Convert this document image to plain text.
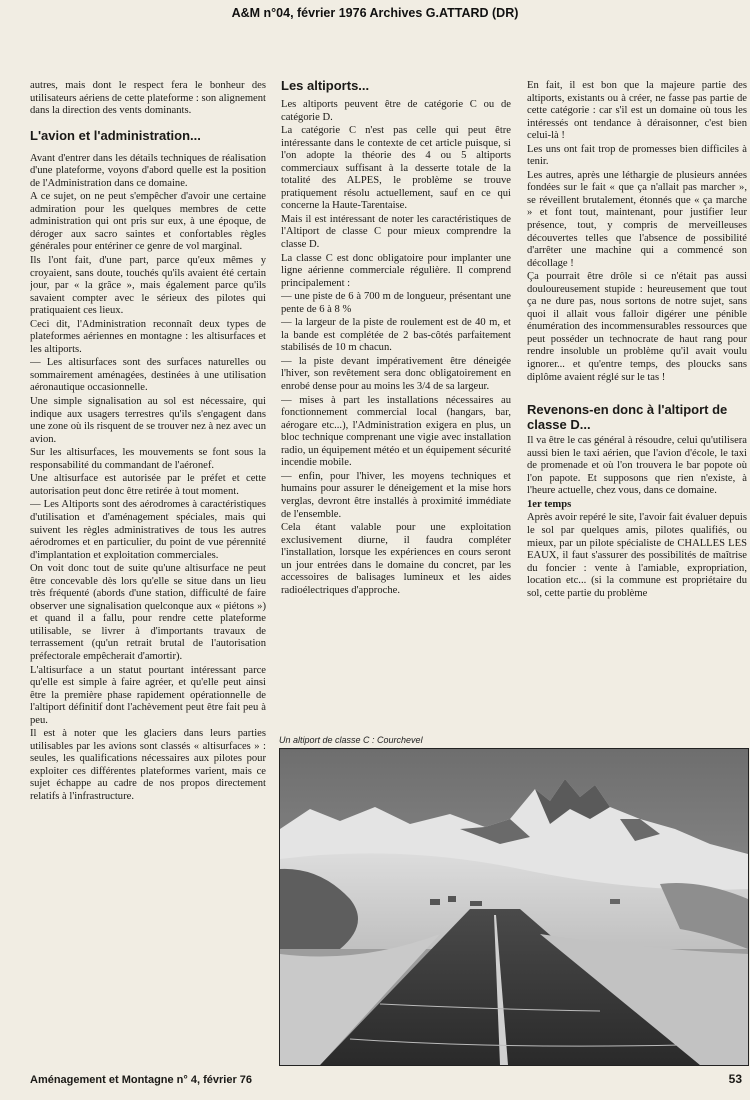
A&M n°04, février 1976 Archives G.ATTARD (DR)

autres, mais dont le respect fera le bonheur des utilisateurs aériens de cette plateforme : son alignement dans la direction des vents dominants.

L'avion et l'administration...

Avant d'entrer dans les détails techniques de réalisation d'une plateforme, voyons d'abord quelle est la position de l'Administration dans ce domaine.

A ce sujet, on ne peut s'empêcher d'avoir une certaine admiration pour les quelques membres de cette administration qui ont pris sur eux, à une époque, de déroger aux sacro saintes et confortables règles générales pour entériner ce genre de vol marginal.

Ils l'ont fait, d'une part, parce qu'eux mêmes y croyaient, sans doute, touchés qu'ils avaient été certain jour, par « la grâce », mais également parce qu'ils savaient compter avec le sérieux des pilotes qui pratiquaient ces lieux.

Ceci dit, l'Administration reconnaît deux types de plateformes aériennes en montagne : les altisurfaces et les altiports.

— Les altisurfaces sont des surfaces naturelles ou sommairement aménagées, destinées à une utilisation aéronautique occasionnelle.

Une simple signalisation au sol est nécessaire, qui indique aux usagers terrestres qu'ils s'engagent dans une zone où ils risquent de se trouver nez à nez avec un avion.

Sur les altisurfaces, les mouvements se font sous la responsabilité du commandant de l'aéronef.

Une altisurface est autorisée par le préfet et cette autorisation peut donc être retirée à tout moment.

— Les Altiports sont des aérodromes à caractéristiques d'utilisation et d'aménagement spéciales, mais qui suivent les règles administratives de tous les autres aérodromes et en particulier, du point de vue pérennité d'implantation et exploitation commerciales.

On voit donc tout de suite qu'une altisurface ne peut être concevable dès lors qu'elle se situe dans un lieu très fréquenté (abords d'une station, difficulté de faire observer une signalisation quelconque aux « piétons ») et quand il a fallu, pour rendre cette plateforme utilisable, se livrer à d'importants travaux de terrassement (qu'un retrait brutal de l'autorisation préfectorale empêcherait d'amortir).

L'altisurface a un statut pourtant intéressant parce qu'elle est simple à faire agréer, et qu'elle peut ainsi être la première phase rapidement opérationnelle de l'altiport définitif dont l'achèvement peut être fait peu à peu.

Il est à noter que les glaciers dans leurs parties utilisables par les avions sont classés « altisurfaces » : seules, les qualifications nécessaires aux pilotes pour exploiter ces différentes plateformes varient, mais ce sujet échappe au cadre de nos propos directement relatifs à l'infrastructure.

Les altiports...

Les altiports peuvent être de catégorie C ou de catégorie D.

La catégorie C n'est pas celle qui peut être intéressante dans le contexte de cet article puisque, si l'on adopte la théorie des 4 ou 5 altiports commerciaux suffisant à la desserte totale de la totalité des ALPES, le problème se trouve pratiquement résolu actuellement, sauf en ce qui concerne la Haute-Tarentaise.

Mais il est intéressant de noter les caractéristiques de l'Altiport de classe C pour mieux comprendre la classe D.

La classe C est donc obligatoire pour implanter une ligne aérienne commerciale régulière. Il comprend principalement :

— une piste de 6 à 700 m de longueur, présentant une pente de 6 à 8 %

— la largeur de la piste de roulement est de 40 m, et la bande est complétée de 2 bas-côtés parfaitement stabilisés de 10 m chacun.

— la piste devant impérativement être déneigée l'hiver, son revêtement sera donc obligatoirement en enrobé dense pour au moins les 3/4 de sa largeur.

— mises à part les installations nécessaires au fonctionnement commercial local (hangars, bar, aérogare etc...), l'Administration exigera en plus, un bloc technique comprenant une vigie avec installation radio, un équipement météo et un équipement sécurité incendie mobile.

— enfin, pour l'hiver, les moyens techniques et humains pour assurer le déneigement et la mise hors verglas, devront être installés à proximité immédiate de l'ensemble.

Cela étant valable pour une exploitation exclusivement diurne, il faudra compléter l'installation, lorsque les expériences en cours seront un jour entrées dans le domaine du concret, par les accessoires de balisages lumineux et les aides radioélectriques d'approche.

En fait, il est bon que la majeure partie des altiports, existants ou à créer, ne fasse pas partie de cette catégorie : car s'il est un domaine où tous les intéressés ont tendance à déraisonner, c'est bien celui-là !

Les uns ont fait trop de promesses bien difficiles à tenir.

Les autres, après une léthargie de plusieurs années fondées sur le fait « que ça n'allait pas marcher », se réveillent brutalement, étonnés que « ça marche » et font tout, maintenant, pour justifier leur présence, tout, y compris de merveilleuses découvertes telles que l'absence de possibilité d'arrêter une machine qui a commencé son décollage !

Ça pourrait être drôle si ce n'était pas aussi douloureusement stupide : heureusement que tout ça ne dure pas, nous sortons de notre sujet, sans quoi il allait vous falloir digérer une pénible énumération des incommensurables ressources que peut posséder un technocrate de haut rang pour rendre insoluble un problème qu'il avait voulu ignorer... et qu'entre temps, des ploucks sans diplôme avaient réglé sur le tas !

Revenons-en donc à l'altiport de classe D...

Il va être le cas général à résoudre, celui qu'utilisera aussi bien le taxi aérien, que l'avion d'école, le taxi de promenade et où l'on trouvera le bar popote où l'on papote. Et supposons que rien n'existe, à l'heure actuelle, chez vous, dans ce domaine.

1er temps

Après avoir repéré le site, l'avoir fait évaluer depuis le sol par quelques amis, pilotes qualifiés, ou mieux, par un pilote spécialiste de CHALLES LES EAUX, il faut s'assurer des possibilités de maîtrise du foncier : vente à l'amiable, expropriation, location etc... (si la commune est propriétaire du sol, cette partie du problème

Un altiport de classe C : Courchevel
Aménagement et Montagne n° 4, février 76	53
